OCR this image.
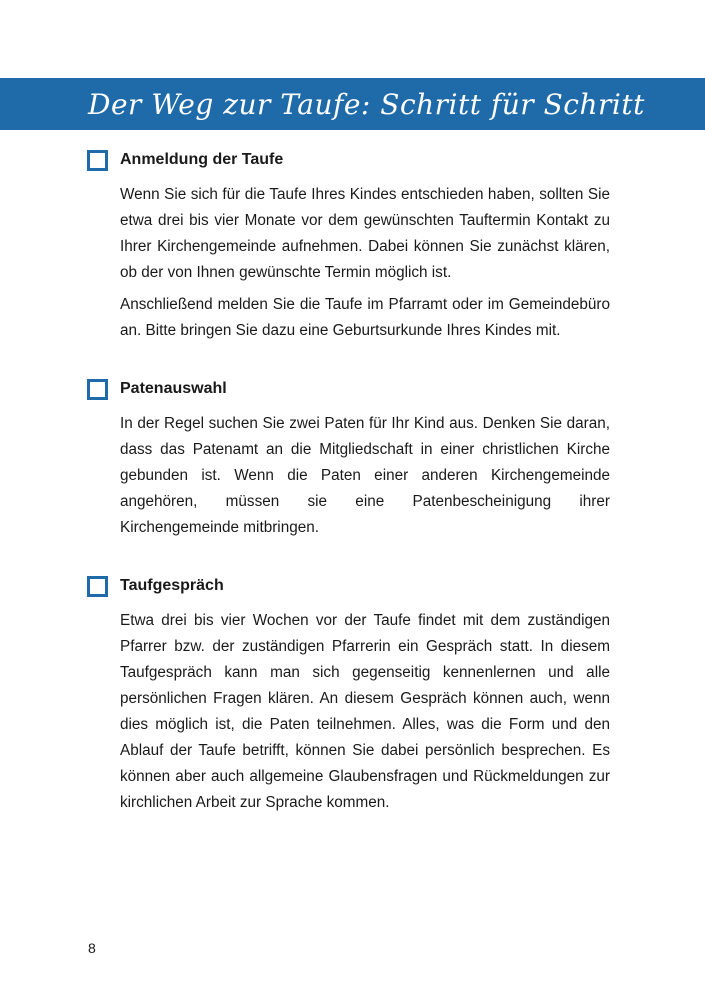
Der Weg zur Taufe: Schritt für Schritt
Anmeldung der Taufe
Wenn Sie sich für die Taufe Ihres Kindes entschieden haben, sollten Sie etwa drei bis vier Monate vor dem gewünschten Tauftermin Kontakt zu Ihrer Kirchengemeinde aufnehmen. Dabei können Sie zunächst klären, ob der von Ihnen gewünschte Termin möglich ist.
Anschließend melden Sie die Taufe im Pfarramt oder im Gemeindebüro an. Bitte bringen Sie dazu eine Geburtsurkunde Ihres Kindes mit.
Patenauswahl
In der Regel suchen Sie zwei Paten für Ihr Kind aus. Denken Sie daran, dass das Patenamt an die Mitgliedschaft in einer christlichen Kirche gebunden ist. Wenn die Paten einer anderen Kirchengemeinde angehören, müssen sie eine Patenbescheinigung ihrer Kirchengemeinde mitbringen.
Taufgespräch
Etwa drei bis vier Wochen vor der Taufe findet mit dem zuständigen Pfarrer bzw. der zuständigen Pfarrerin ein Gespräch statt. In diesem Taufgespräch kann man sich gegenseitig kennenlernen und alle persönlichen Fragen klären. An diesem Gespräch können auch, wenn dies möglich ist, die Paten teilnehmen. Alles, was die Form und den Ablauf der Taufe betrifft, können Sie dabei persönlich besprechen. Es können aber auch allgemeine Glaubensfragen und Rückmeldungen zur kirchlichen Arbeit zur Sprache kommen.
8
